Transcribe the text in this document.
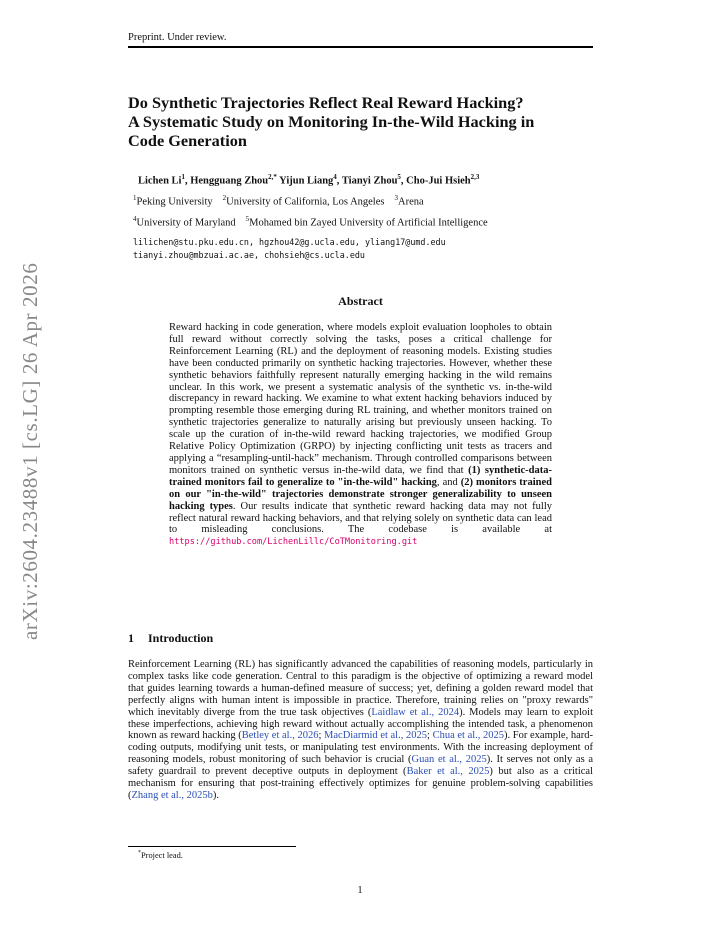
Preprint. Under review.
arXiv:2604.23488v1 [cs.LG] 26 Apr 2026
Do Synthetic Trajectories Reflect Real Reward Hacking?
A Systematic Study on Monitoring In-the-Wild Hacking in
Code Generation
Lichen Li$^1$, Hengguang Zhou$^{2,*}$ Yijun Liang$^4$, Tianyi Zhou$^5$, Cho-Jui Hsieh$^{2,3}$
$^1$Peking University $^2$University of California, Los Angeles $^3$Arena
$^4$University of Maryland $^5$Mohamed bin Zayed University of Artificial Intelligence
lilichen@stu.pku.edu.cn, hgzhou42@g.ucla.edu, yliang17@umd.edu
tianyi.zhou@mbzuai.ac.ae, chohsieh@cs.ucla.edu
Abstract
Reward hacking in code generation, where models exploit evaluation loopholes to obtain full reward without correctly solving the tasks, poses a critical challenge for Reinforcement Learning (RL) and the deployment of reasoning models. Existing studies have been conducted primarily on synthetic hacking trajectories. However, whether these synthetic behaviors faithfully represent naturally emerging hacking in the wild remains unclear. In this work, we present a systematic analysis of the synthetic vs. in-the-wild discrepancy in reward hacking. We examine to what extent hacking behaviors induced by prompting resemble those emerging during RL training, and whether monitors trained on synthetic trajectories generalize to naturally arising but previously unseen hacking. To scale up the curation of in-the-wild reward hacking trajectories, we modified Group Relative Policy Optimization (GRPO) by injecting conflicting unit tests as tracers and applying a “resampling-until-hack” mechanism. Through controlled comparisons between monitors trained on synthetic versus in-the-wild data, we find that (1) synthetic-data-trained monitors fail to generalize to "in-the-wild" hacking, and (2) monitors trained on our "in-the-wild" trajectories demonstrate stronger generalizability to unseen hacking types. Our results indicate that synthetic reward hacking data may not fully reflect natural reward hacking behaviors, and that relying solely on synthetic data can lead to misleading conclusions. The codebase is available at https://github.com/LichenLillc/CoTMonitoring.git
1 Introduction
Reinforcement Learning (RL) has significantly advanced the capabilities of reasoning models, particularly in complex tasks like code generation. Central to this paradigm is the objective of optimizing a reward model that guides learning towards a human-defined measure of success; yet, defining a golden reward model that perfectly aligns with human intent is impossible in practice. Therefore, training relies on "proxy rewards" which inevitably diverge from the true task objectives (Laidlaw et al., 2024). Models may learn to exploit these imperfections, achieving high reward without actually accomplishing the intended task, a phenomenon known as reward hacking (Betley et al., 2026; MacDiarmid et al., 2025; Chua et al., 2025). For example, hard-coding outputs, modifying unit tests, or manipulating test environments. With the increasing deployment of reasoning models, robust monitoring of such behavior is crucial (Guan et al., 2025). It serves not only as a safety guardrail to prevent deceptive outputs in deployment (Baker et al., 2025) but also as a critical mechanism for ensuring that post-training effectively optimizes for genuine problem-solving capabilities (Zhang et al., 2025b).
*Project lead.
1
